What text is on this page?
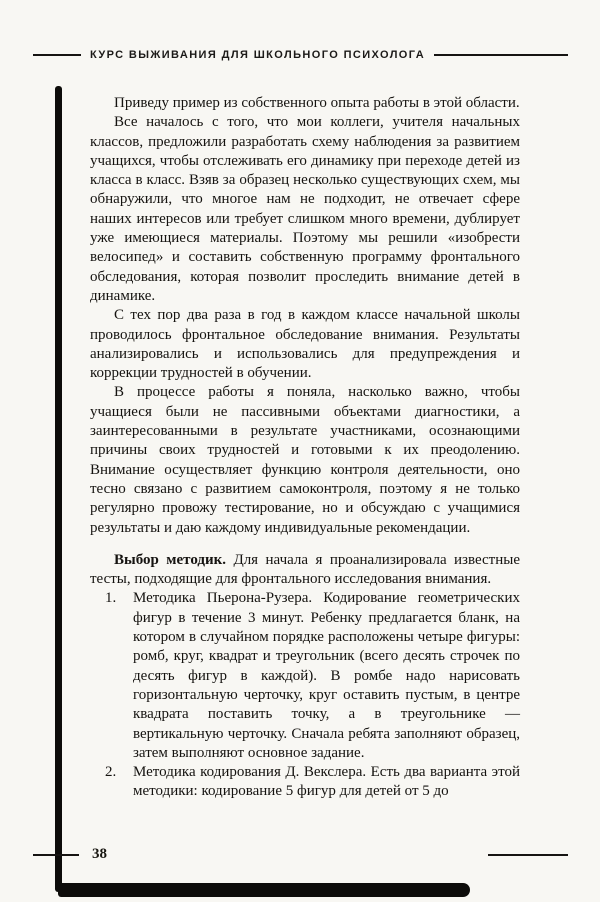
КУРС ВЫЖИВАНИЯ ДЛЯ ШКОЛЬНОГО ПСИХОЛОГА

Приведу пример из собственного опыта работы в этой области.

Все началось с того, что мои коллеги, учителя начальных классов, предложили разработать схему наблюдения за развитием учащихся, чтобы отслеживать его динамику при переходе детей из класса в класс. Взяв за образец несколько существующих схем, мы обнаружили, что многое нам не подходит, не отвечает сфере наших интересов или требует слишком много времени, дублирует уже имеющиеся материалы. Поэтому мы решили «изобрести велосипед» и составить собственную программу фронтального обследования, которая позволит проследить внимание детей в динамике.

С тех пор два раза в год в каждом классе начальной школы проводилось фронтальное обследование внимания. Результаты анализировались и использовались для предупреждения и коррекции трудностей в обучении.

В процессе работы я поняла, насколько важно, чтобы учащиеся были не пассивными объектами диагностики, а заинтересованными в результате участниками, осознающими причины своих трудностей и готовыми к их преодолению. Внимание осуществляет функцию контроля деятельности, оно тесно связано с развитием самоконтроля, поэтому я не только регулярно провожу тестирование, но и обсуждаю с учащимися результаты и даю каждому индивидуальные рекомендации.

Выбор методик. Для начала я проанализировала известные тесты, подходящие для фронтального исследования внимания.

1.	Методика Пьерона-Рузера. Кодирование геометрических фигур в течение 3 минут. Ребенку предлагается бланк, на котором в случайном порядке расположены четыре фигуры: ромб, круг, квадрат и треугольник (всего десять строчек по десять фигур в каждой). В ромбе надо нарисовать горизонтальную черточку, круг оставить пустым, в центре квадрата поставить точку, а в треугольнике — вертикальную черточку. Сначала ребята заполняют образец, затем выполняют основное задание.
2.	Методика кодирования Д. Векслера. Есть два варианта этой методики: кодирование 5 фигур для детей от 5 до
38
